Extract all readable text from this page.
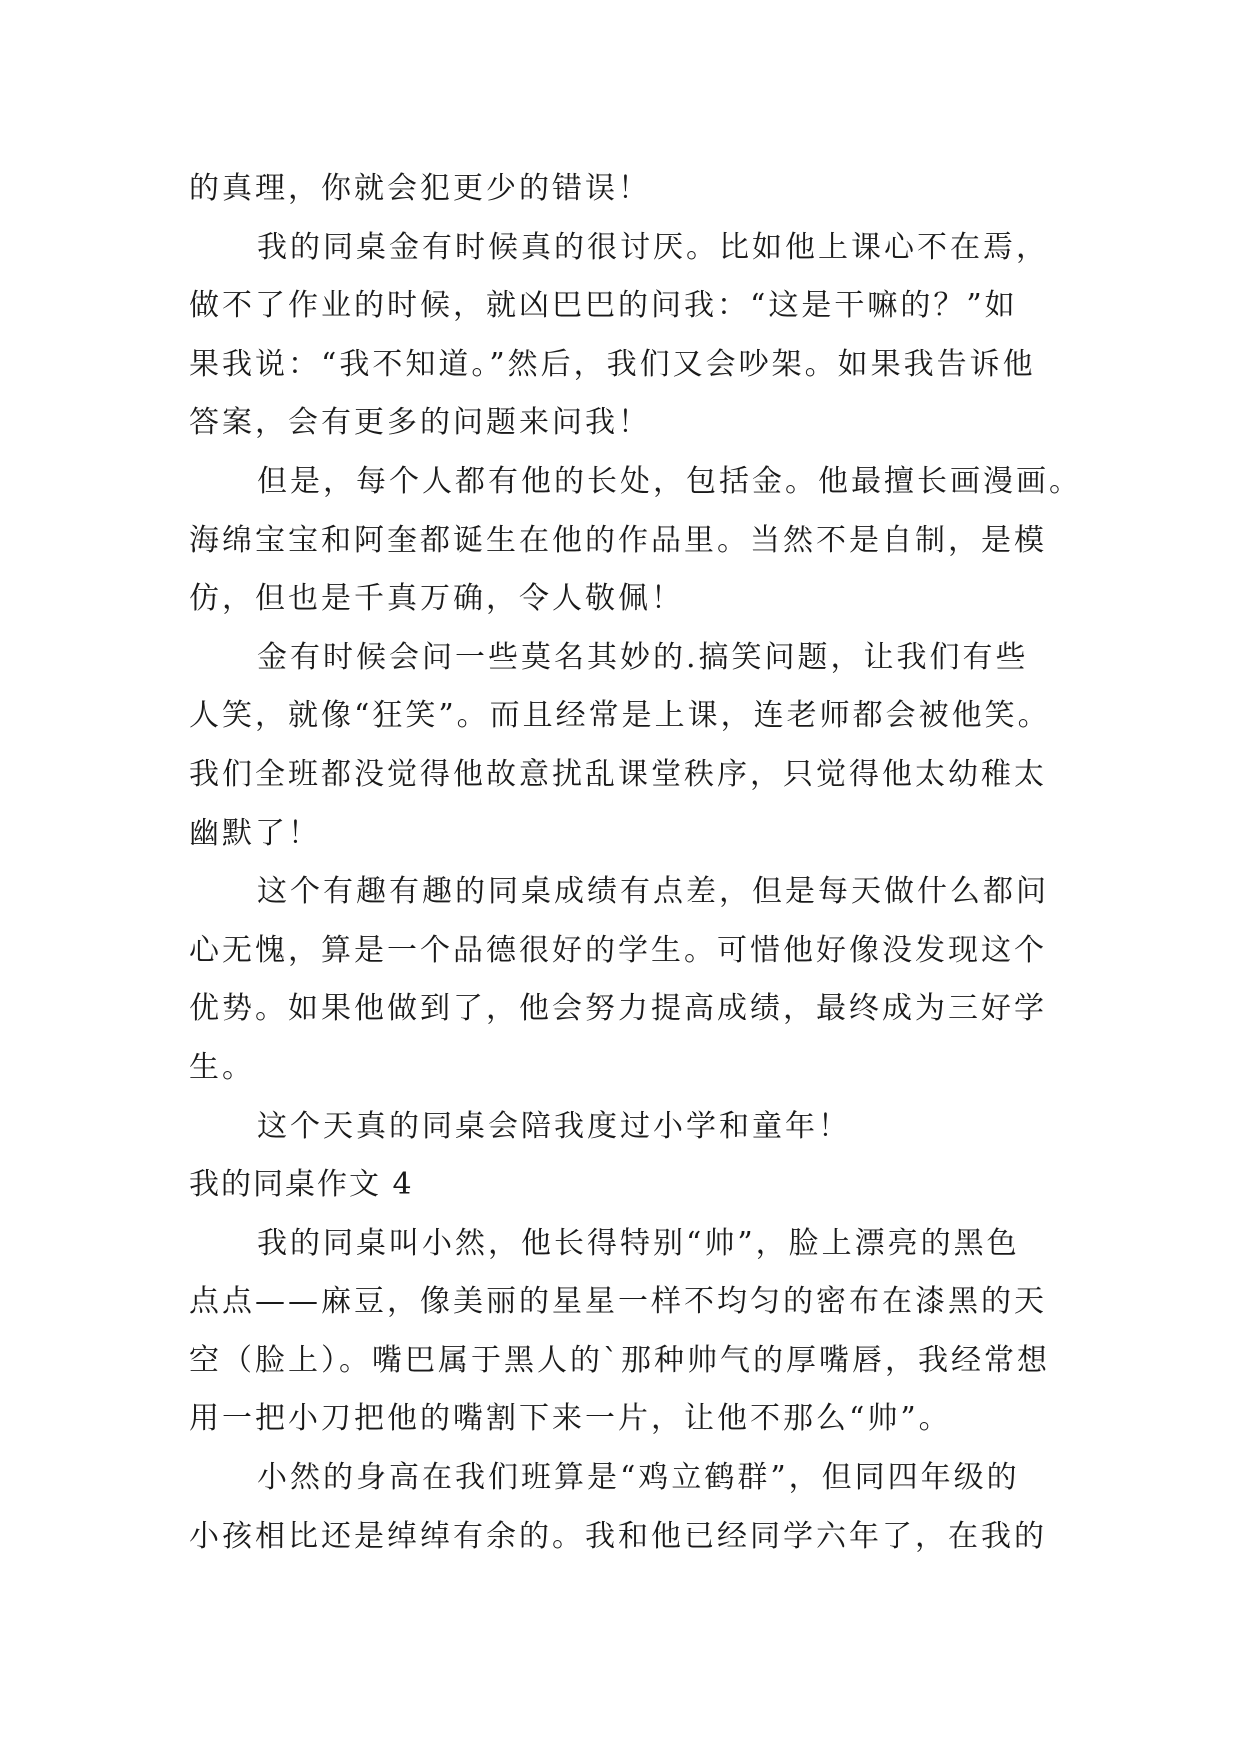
的真理，你就会犯更少的错误！
我的同桌金有时候真的很讨厌。比如他上课心不在焉，
做不了作业的时候，就凶巴巴的问我：“这是干嘛的？”如
果我说：“我不知道。”然后，我们又会吵架。如果我告诉他
答案，会有更多的问题来问我！
但是，每个人都有他的长处，包括金。他最擅长画漫画。
海绵宝宝和阿奎都诞生在他的作品里。当然不是自制，是模
仿，但也是千真万确，令人敬佩！
金有时候会问一些莫名其妙的.搞笑问题，让我们有些
人笑，就像“狂笑”。而且经常是上课，连老师都会被他笑。
我们全班都没觉得他故意扰乱课堂秩序，只觉得他太幼稚太
幽默了！
这个有趣有趣的同桌成绩有点差，但是每天做什么都问
心无愧，算是一个品德很好的学生。可惜他好像没发现这个
优势。如果他做到了，他会努力提高成绩，最终成为三好学
生。
这个天真的同桌会陪我度过小学和童年！
我的同桌作文 4
我的同桌叫小然，他长得特别“帅”，脸上漂亮的黑色
点点——麻豆，像美丽的星星一样不均匀的密布在漆黑的天
空（脸上）。嘴巴属于黑人的`那种帅气的厚嘴唇，我经常想
用一把小刀把他的嘴割下来一片，让他不那么“帅”。
小然的身高在我们班算是“鸡立鹤群”，但同四年级的
小孩相比还是绰绰有余的。我和他已经同学六年了，在我的
